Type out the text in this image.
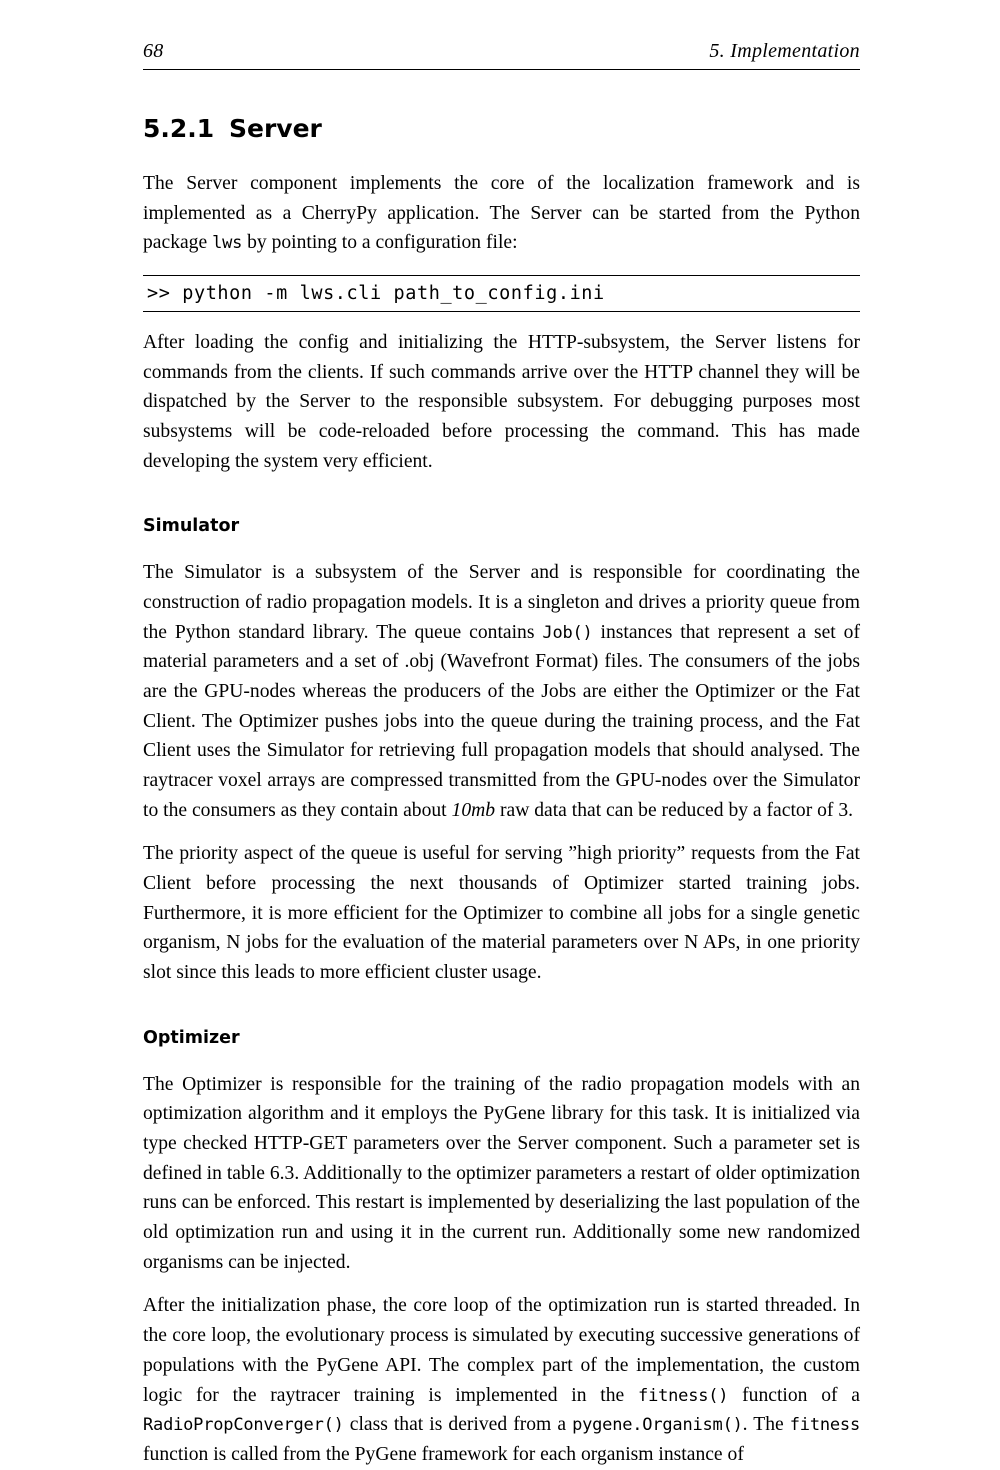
68	5. Implementation
5.2.1 Server

The Server component implements the core of the localization framework and is implemented as a CherryPy application. The Server can be started from the Python package lws by pointing to a configuration file:

>> python -m lws.cli path_to_config.ini

After loading the config and initializing the HTTP-subsystem, the Server listens for commands from the clients. If such commands arrive over the HTTP channel they will be dispatched by the Server to the responsible subsystem. For debugging purposes most subsystems will be code-reloaded before processing the command. This has made developing the system very efficient.

Simulator

The Simulator is a subsystem of the Server and is responsible for coordinating the construction of radio propagation models. It is a singleton and drives a priority queue from the Python standard library. The queue contains Job() instances that represent a set of material parameters and a set of .obj (Wavefront Format) files. The consumers of the jobs are the GPU-nodes whereas the producers of the Jobs are either the Optimizer or the Fat Client. The Optimizer pushes jobs into the queue during the training process, and the Fat Client uses the Simulator for retrieving full propagation models that should analysed. The raytracer voxel arrays are compressed transmitted from the GPU-nodes over the Simulator to the consumers as they contain about 10mb raw data that can be reduced by a factor of 3.

The priority aspect of the queue is useful for serving ”high priority” requests from the Fat Client before processing the next thousands of Optimizer started training jobs. Furthermore, it is more efficient for the Optimizer to combine all jobs for a single genetic organism, N jobs for the evaluation of the material parameters over N APs, in one priority slot since this leads to more efficient cluster usage.

Optimizer

The Optimizer is responsible for the training of the radio propagation models with an optimization algorithm and it employs the PyGene library for this task. It is initialized via type checked HTTP-GET parameters over the Server component. Such a parameter set is defined in table 6.3. Additionally to the optimizer parameters a restart of older optimization runs can be enforced. This restart is implemented by deserializing the last population of the old optimization run and using it in the current run. Additionally some new randomized organisms can be injected.

After the initialization phase, the core loop of the optimization run is started threaded. In the core loop, the evolutionary process is simulated by executing successive generations of populations with the PyGene API. The complex part of the implementation, the custom logic for the raytracer training is implemented in the fitness() function of a RadioPropConverger() class that is derived from a pygene.Organism(). The fitness function is called from the PyGene framework for each organism instance of
